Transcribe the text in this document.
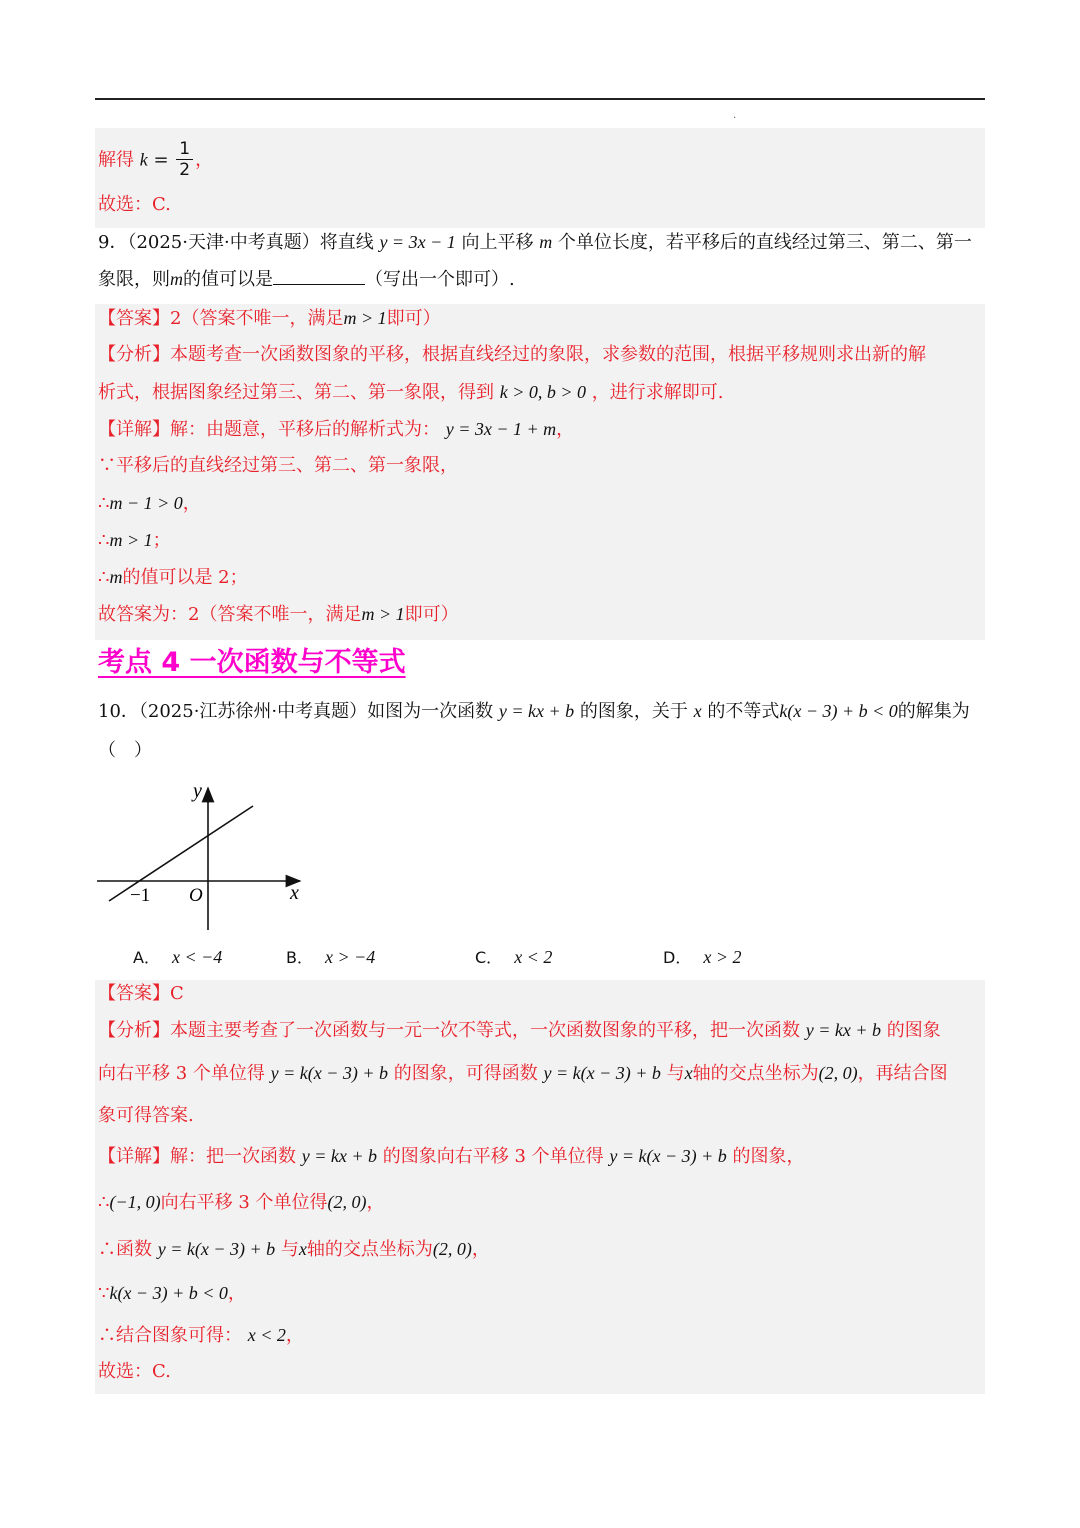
.
解得 $k = \frac{1}{2}$ ，
故选：C.
9．（2025·天津·中考真题）将直线 y = 3x − 1 向上平移 m 个单位长度，若平移后的直线经过第三、第二、第一
象限，则m的值可以是	（写出一个即可）.
【答案】2（答案不唯一，满足m > 1即可）
【分析】本题考查一次函数图象的平移，根据直线经过的象限，求参数的范围，根据平移规则求出新的解
析式，根据图象经过第三、第二、第一象限，得到 k > 0, b > 0 ，进行求解即可.
【详解】解：由题意，平移后的解析式为： y = 3x − 1 + m，
∵平移后的直线经过第三、第二、第一象限，
∴m − 1 > 0，
∴m > 1；
∴m的值可以是 2；
故答案为：2（答案不唯一，满足m > 1即可）
考点 4 一次函数与不等式
10．（2025·江苏徐州·中考真题）如图为一次函数 y = kx + b 的图象，关于 x 的不等式k(x − 3) + b < 0的解集为
（　）
y
x
O
−1
A． x < −4	B． x > −4	C． x < 2	D． x > 2
【答案】C
【分析】本题主要考查了一次函数与一元一次不等式，一次函数图象的平移，把一次函数 y = kx + b 的图象
向右平移 3 个单位得 y = k(x − 3) + b 的图象，可得函数 y = k(x − 3) + b 与x轴的交点坐标为(2, 0)，再结合图
象可得答案.
【详解】解：把一次函数 y = kx + b 的图象向右平移 3 个单位得 y = k(x − 3) + b 的图象，
∴(−1, 0)向右平移 3 个单位得(2, 0)，
∴函数 y = k(x − 3) + b 与x轴的交点坐标为(2, 0)，
∵k(x − 3) + b < 0，
∴结合图象可得： x < 2，
故选：C.
